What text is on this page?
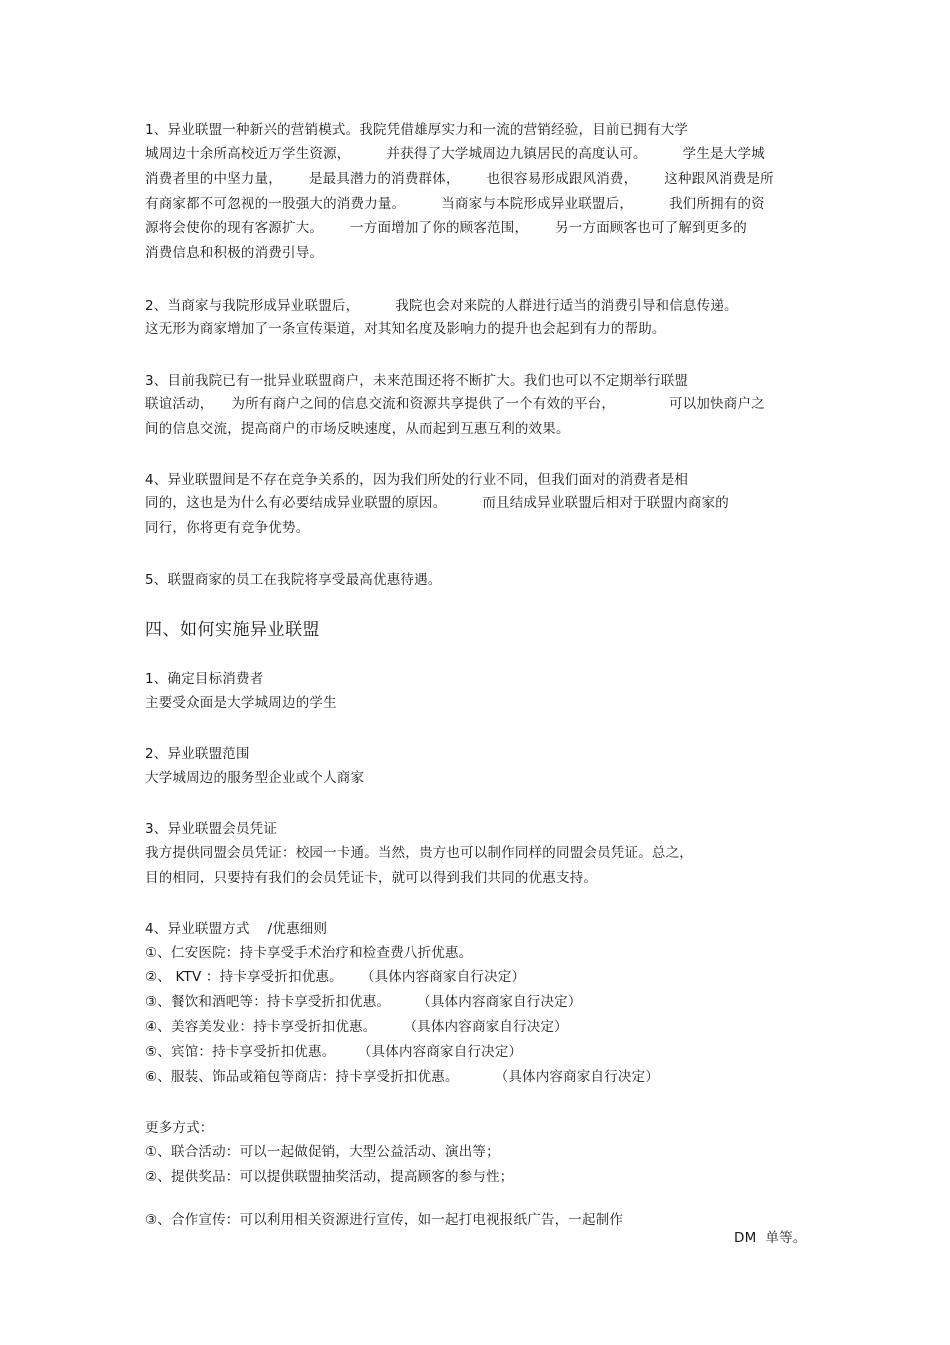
1、异业联盟一种新兴的营销模式。我院凭借雄厚实力和一流的营销经验，目前已拥有大学
城周边十余所高校近万学生资源，        并获得了大学城周边九镇居民的高度认可。        学生是大学城
消费者里的中坚力量，      是最具潜力的消费群体，      也很容易形成跟风消费，      这种跟风消费是所
有商家都不可忽视的一股强大的消费力量。        当商家与本院形成异业联盟后，        我们所拥有的资
源将会使你的现有客源扩大。      一方面增加了你的顾客范围，      另一方面顾客也可了解到更多的
消费信息和积极的消费引导。
2、当商家与我院形成异业联盟后，        我院也会对来院的人群进行适当的消费引导和信息传递。
这无形为商家增加了一条宣传渠道，对其知名度及影响力的提升也会起到有力的帮助。
3、目前我院已有一批异业联盟商户，未来范围还将不断扩大。我们也可以不定期举行联盟
联谊活动，    为所有商户之间的信息交流和资源共享提供了一个有效的平台，            可以加快商户之
间的信息交流，提高商户的市场反映速度，从而起到互惠互利的效果。
4、异业联盟间是不存在竞争关系的，因为我们所处的行业不同，但我们面对的消费者是相
同的，这也是为什么有必要结成异业联盟的原因。        而且结成异业联盟后相对于联盟内商家的
同行，你将更有竞争优势。
5、联盟商家的员工在我院将享受最高优惠待遇。
四、如何实施异业联盟
1、确定目标消费者
主要受众面是大学城周边的学生
2、异业联盟范围
大学城周边的服务型企业或个人商家
3、异业联盟会员凭证
我方提供同盟会员凭证：校园一卡通。当然，贵方也可以制作同样的同盟会员凭证。总之，
目的相同，只要持有我们的会员凭证卡，就可以得到我们共同的优惠支持。
4、异业联盟方式    /优惠细则
①、仁安医院：持卡享受手术治疗和检查费八折优惠。
②、 KTV ：持卡享受折扣优惠。    （具体内容商家自行决定）
③、餐饮和酒吧等：持卡享受折扣优惠。      （具体内容商家自行决定）
④、美容美发业：持卡享受折扣优惠。      （具体内容商家自行决定）
⑤、宾馆：持卡享受折扣优惠。     （具体内容商家自行决定）
⑥、服装、饰品或箱包等商店：持卡享受折扣优惠。        （具体内容商家自行决定）
更多方式：
①、联合活动：可以一起做促销，大型公益活动、演出等；
②、提供奖品：可以提供联盟抽奖活动，提高顾客的参与性；

③、合作宣传：可以利用相关资源进行宣传，如一起打电视报纸广告，一起制作

DM  单等。
